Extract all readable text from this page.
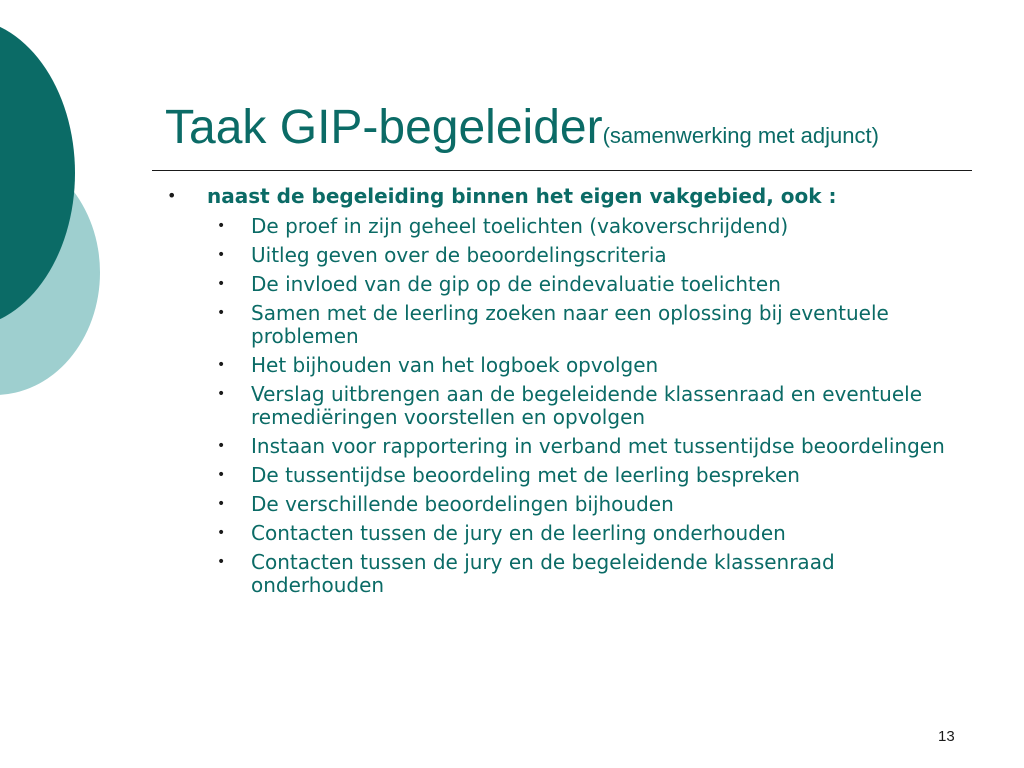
Taak GIP-begeleider(samenwerking met adjunct)
• naast de begeleiding binnen het eigen vakgebied, ook :
• De proef in zijn geheel toelichten (vakoverschrijdend)
• Uitleg geven over de beoordelingscriteria
• De invloed van de gip op de eindevaluatie toelichten
• Samen met de leerling zoeken naar een oplossing bij eventuele problemen
• Het bijhouden van het logboek opvolgen
• Verslag uitbrengen aan de begeleidende klassenraad en eventuele remediëringen voorstellen en opvolgen
• Instaan voor rapportering in verband met tussentijdse beoordelingen
• De tussentijdse beoordeling met de leerling bespreken
• De verschillende beoordelingen bijhouden
• Contacten tussen de jury en de leerling onderhouden
• Contacten tussen de jury en de begeleidende klassenraad onderhouden
13
